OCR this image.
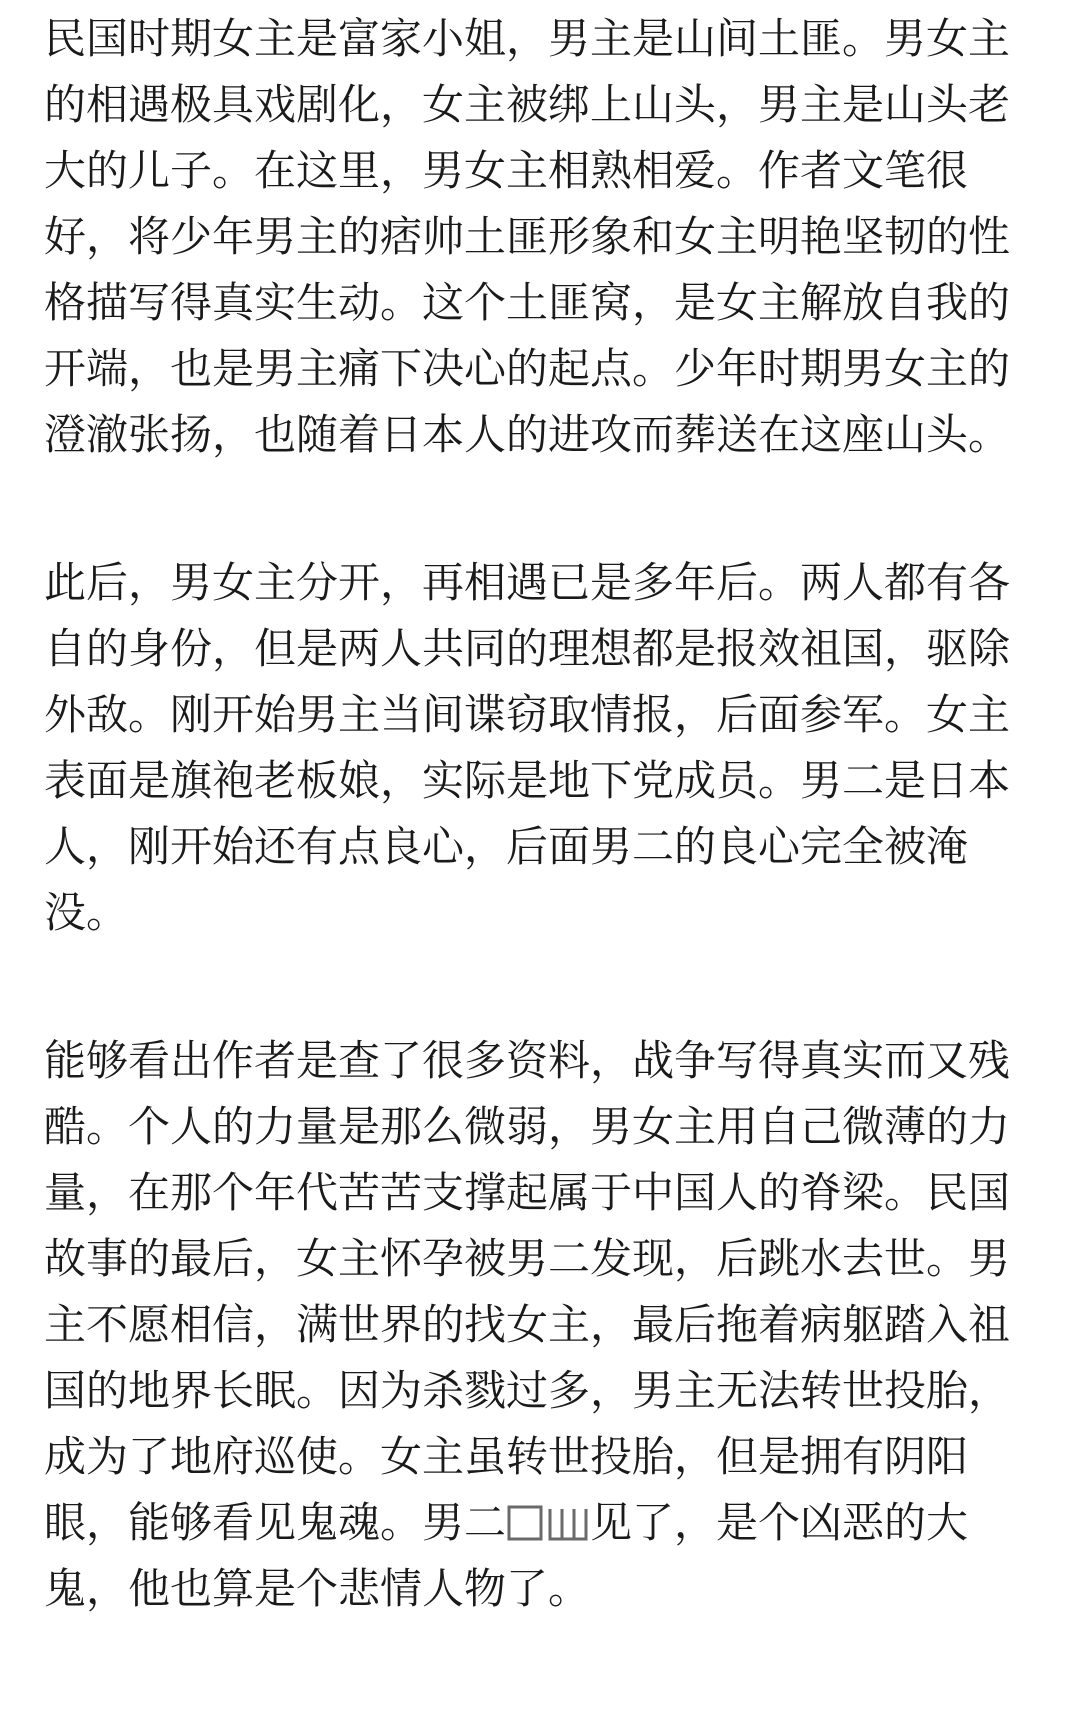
民国时期女主是富家小姐，男主是山间土匪。男女主
的相遇极具戏剧化，女主被绑上山头，男主是山头老
大的儿子。在这里，男女主相熟相爱。作者文笔很
好，将少年男主的痞帅土匪形象和女主明艳坚韧的性
格描写得真实生动。这个土匪窝，是女主解放自我的
开端，也是男主痛下决心的起点。少年时期男女主的
澄澈张扬，也随着日本人的进攻而葬送在这座山头。
此后，男女主分开，再相遇已是多年后。两人都有各
自的身份，但是两人共同的理想都是报效祖国，驱除
外敌。刚开始男主当间谍窃取情报，后面参军。女主
表面是旗袍老板娘，实际是地下党成员。男二是日本
人，刚开始还有点良心，后面男二的良心完全被淹
没。
能够看出作者是查了很多资料，战争写得真实而又残
酷。个人的力量是那么微弱，男女主用自己微薄的力
量，在那个年代苦苦支撑起属于中国人的脊梁。民国
故事的最后，女主怀孕被男二发现，后跳水去世。男
主不愿相信，满世界的找女主，最后拖着病躯踏入祖
国的地界长眠。因为杀戮过多，男主无法转世投胎，
成为了地府巡使。女主虽转世投胎，但是拥有阴阳
眼，能够看见鬼魂。男二 见了，是个凶恶的大
鬼，他也算是个悲情人物了。
